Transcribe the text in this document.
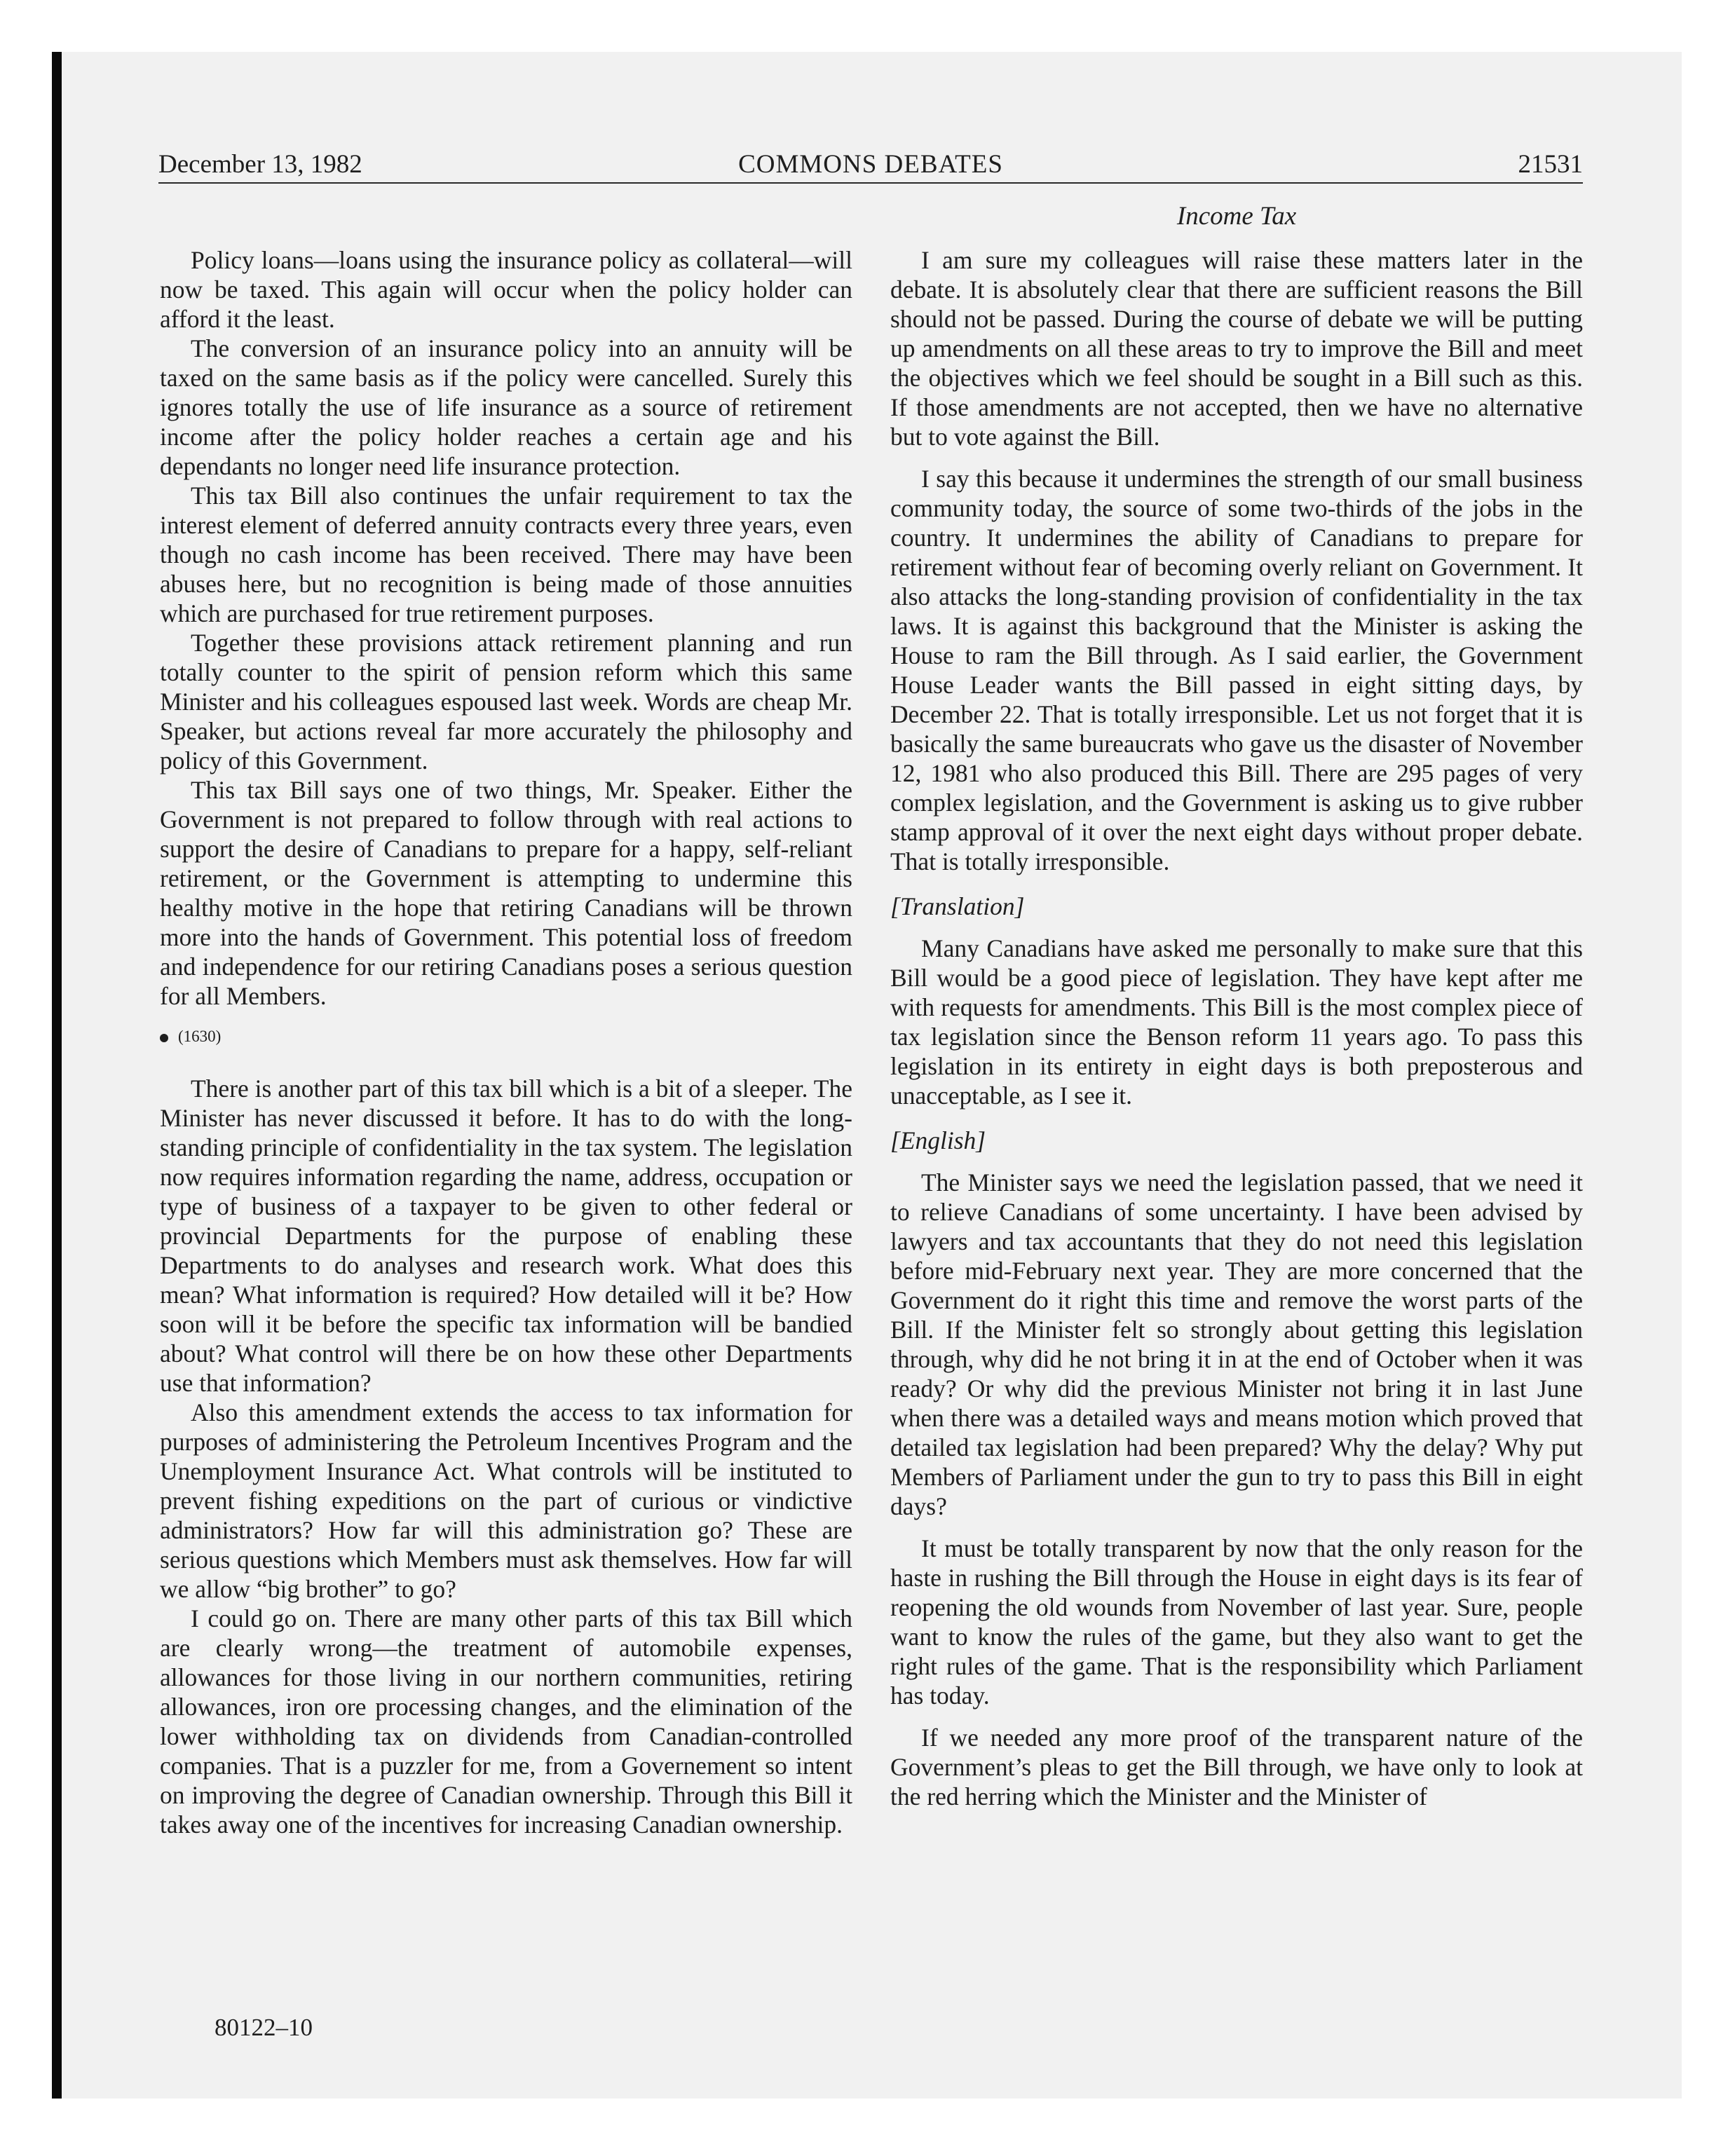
December 13, 1982	COMMONS DEBATES	21531
Income Tax

Policy loans—loans using the insurance policy as collateral—will now be taxed. This again will occur when the policy holder can afford it the least.

The conversion of an insurance policy into an annuity will be taxed on the same basis as if the policy were cancelled. Surely this ignores totally the use of life insurance as a source of retirement income after the policy holder reaches a certain age and his dependants no longer need life insurance protection.

This tax Bill also continues the unfair requirement to tax the interest element of deferred annuity contracts every three years, even though no cash income has been received. There may have been abuses here, but no recognition is being made of those annuities which are purchased for true retirement purposes.

Together these provisions attack retirement planning and run totally counter to the spirit of pension reform which this same Minister and his colleagues espoused last week. Words are cheap Mr. Speaker, but actions reveal far more accurately the philosophy and policy of this Government.

This tax Bill says one of two things, Mr. Speaker. Either the Government is not prepared to follow through with real actions to support the desire of Canadians to prepare for a happy, self-reliant retirement, or the Government is attempting to undermine this healthy motive in the hope that retiring Canadians will be thrown more into the hands of Government. This potential loss of freedom and independence for our retiring Canadians poses a serious question for all Members.

(1630)

There is another part of this tax bill which is a bit of a sleeper. The Minister has never discussed it before. It has to do with the long-standing principle of confidentiality in the tax system. The legislation now requires information regarding the name, address, occupation or type of business of a taxpayer to be given to other federal or provincial Departments for the purpose of enabling these Departments to do analyses and research work. What does this mean? What information is required? How detailed will it be? How soon will it be before the specific tax information will be bandied about? What control will there be on how these other Departments use that information?

Also this amendment extends the access to tax information for purposes of administering the Petroleum Incentives Program and the Unemployment Insurance Act. What controls will be instituted to prevent fishing expeditions on the part of curious or vindictive administrators? How far will this administration go? These are serious questions which Members must ask themselves. How far will we allow “big brother” to go?

I could go on. There are many other parts of this tax Bill which are clearly wrong—the treatment of automobile expenses, allowances for those living in our northern communities, retiring allowances, iron ore processing changes, and the elimination of the lower withholding tax on dividends from Canadian-controlled companies. That is a puzzler for me, from a Governement so intent on improving the degree of Canadian ownership. Through this Bill it takes away one of the incentives for increasing Canadian ownership.

I am sure my colleagues will raise these matters later in the debate. It is absolutely clear that there are sufficient reasons the Bill should not be passed. During the course of debate we will be putting up amendments on all these areas to try to improve the Bill and meet the objectives which we feel should be sought in a Bill such as this. If those amendments are not accepted, then we have no alternative but to vote against the Bill.

I say this because it undermines the strength of our small business community today, the source of some two-thirds of the jobs in the country. It undermines the ability of Canadians to prepare for retirement without fear of becoming overly reliant on Government. It also attacks the long-standing provision of confidentiality in the tax laws. It is against this background that the Minister is asking the House to ram the Bill through. As I said earlier, the Government House Leader wants the Bill passed in eight sitting days, by December 22. That is totally irresponsible. Let us not forget that it is basically the same bureaucrats who gave us the disaster of November 12, 1981 who also produced this Bill. There are 295 pages of very complex legislation, and the Government is asking us to give rubber stamp approval of it over the next eight days without proper debate. That is totally irresponsible.

[Translation]

Many Canadians have asked me personally to make sure that this Bill would be a good piece of legislation. They have kept after me with requests for amendments. This Bill is the most complex piece of tax legislation since the Benson reform 11 years ago. To pass this legislation in its entirety in eight days is both preposterous and unacceptable, as I see it.

[English]

The Minister says we need the legislation passed, that we need it to relieve Canadians of some uncertainty. I have been advised by lawyers and tax accountants that they do not need this legislation before mid-February next year. They are more concerned that the Government do it right this time and remove the worst parts of the Bill. If the Minister felt so strongly about getting this legislation through, why did he not bring it in at the end of October when it was ready? Or why did the previous Minister not bring it in last June when there was a detailed ways and means motion which proved that detailed tax legislation had been prepared? Why the delay? Why put Members of Parliament under the gun to try to pass this Bill in eight days?

It must be totally transparent by now that the only reason for the haste in rushing the Bill through the House in eight days is its fear of reopening the old wounds from November of last year. Sure, people want to know the rules of the game, but they also want to get the right rules of the game. That is the responsibility which Parliament has today.

If we needed any more proof of the transparent nature of the Government’s pleas to get the Bill through, we have only to look at the red herring which the Minister and the Minister of

80122–10
